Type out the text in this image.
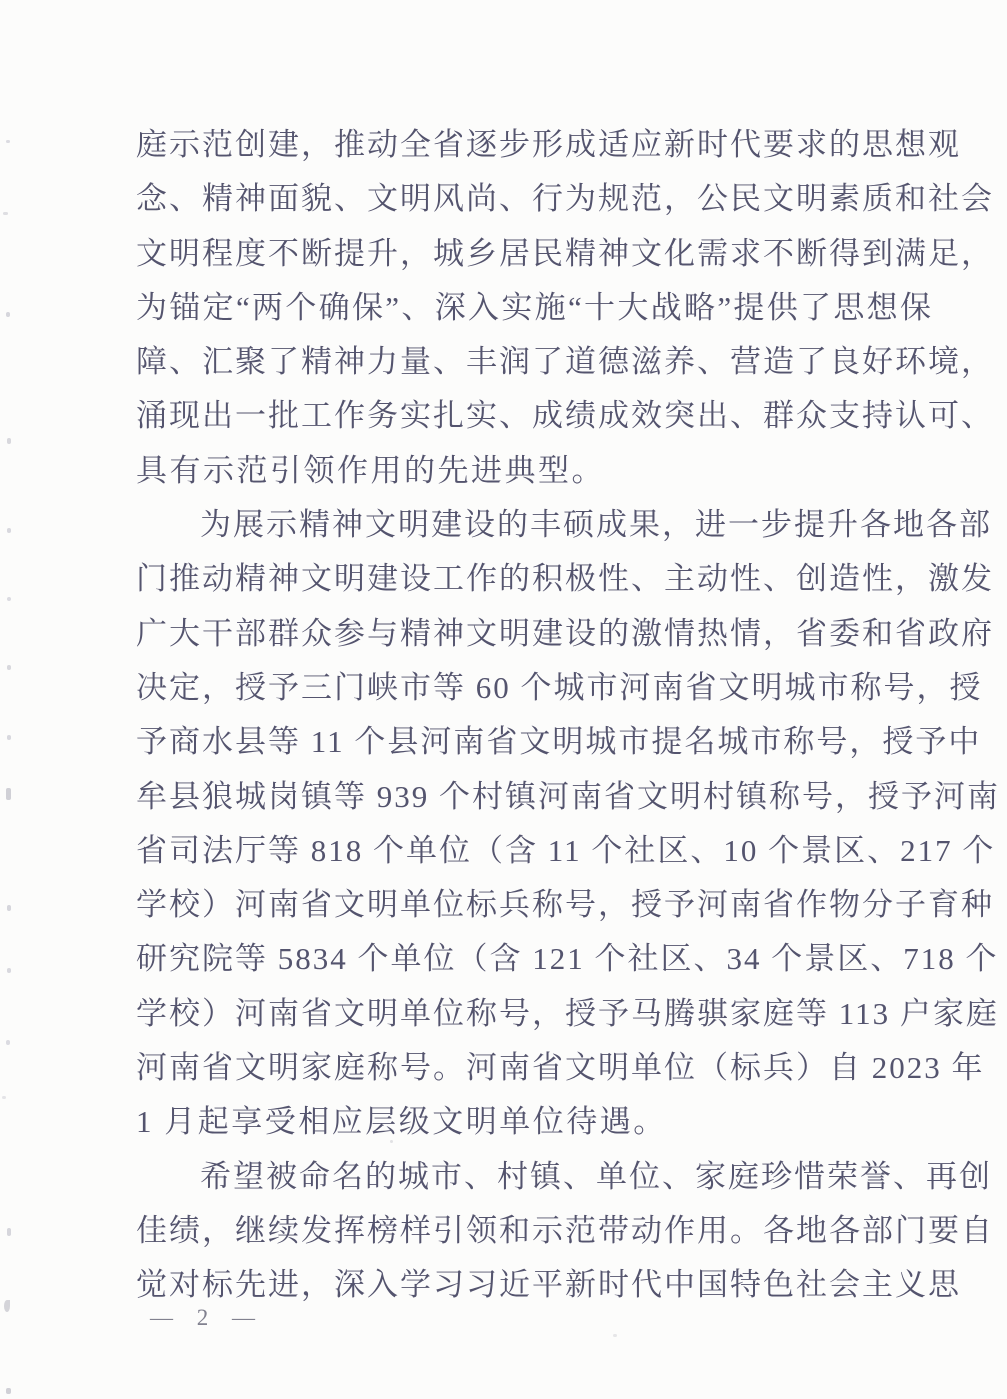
庭示范创建，推动全省逐步形成适应新时代要求的思想观
念、精神面貌、文明风尚、行为规范，公民文明素质和社会
文明程度不断提升，城乡居民精神文化需求不断得到满足，
为锚定“两个确保”、深入实施“十大战略”提供了思想保
障、汇聚了精神力量、丰润了道德滋养、营造了良好环境，
涌现出一批工作务实扎实、成绩成效突出、群众支持认可、
具有示范引领作用的先进典型。
为展示精神文明建设的丰硕成果，进一步提升各地各部
门推动精神文明建设工作的积极性、主动性、创造性，激发
广大干部群众参与精神文明建设的激情热情，省委和省政府
决定，授予三门峡市等 60 个城市河南省文明城市称号，授
予商水县等 11 个县河南省文明城市提名城市称号，授予中
牟县狼城岗镇等 939 个村镇河南省文明村镇称号，授予河南
省司法厅等 818 个单位（含 11 个社区、10 个景区、217 个
学校）河南省文明单位标兵称号，授予河南省作物分子育种
研究院等 5834 个单位（含 121 个社区、34 个景区、718 个
学校）河南省文明单位称号，授予马腾骐家庭等 113 户家庭
河南省文明家庭称号。河南省文明单位（标兵）自 2023 年
1 月起享受相应层级文明单位待遇。
希望被命名的城市、村镇、单位、家庭珍惜荣誉、再创
佳绩，继续发挥榜样引领和示范带动作用。各地各部门要自
觉对标先进，深入学习习近平新时代中国特色社会主义思
— 2 —
